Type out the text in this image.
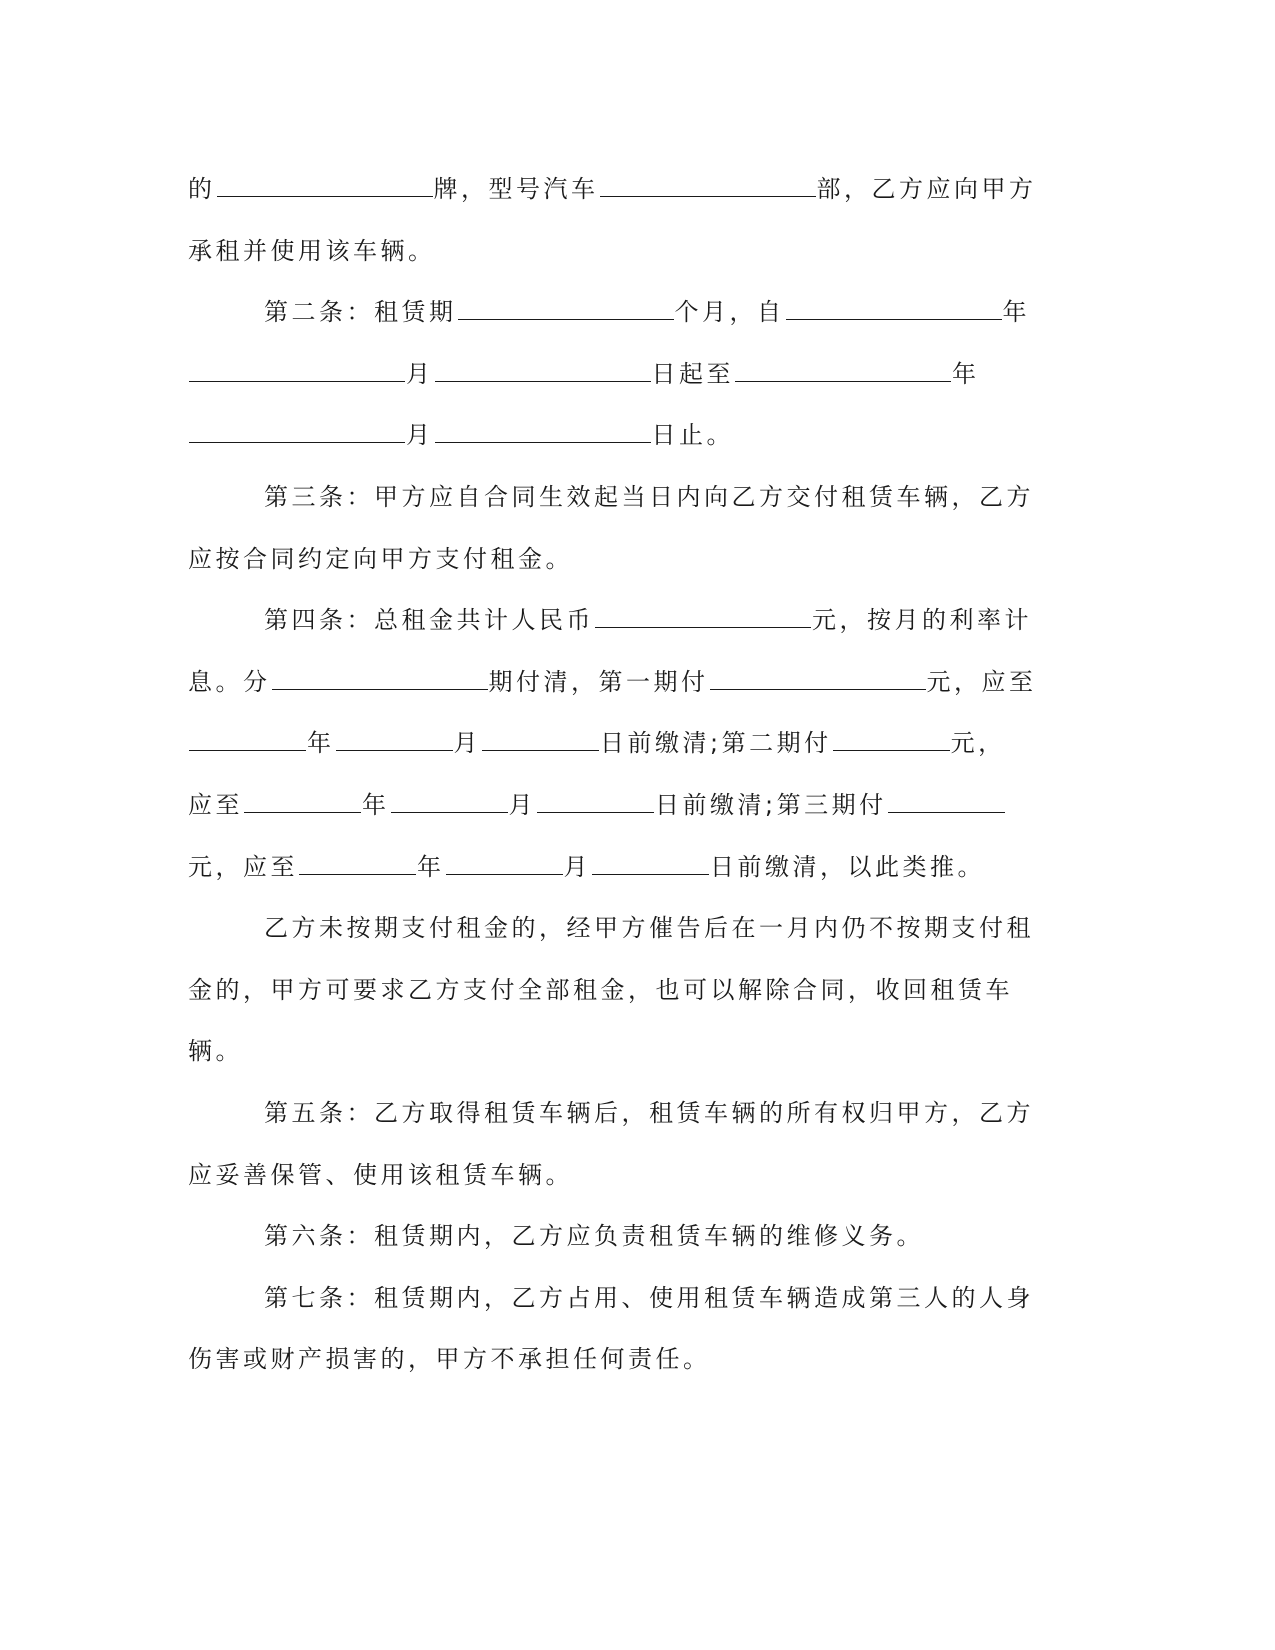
的	牌，型号汽车	部，乙方应向甲方
承租并使用该车辆。
第二条：租赁期	个月，自	年
月	日起至	年
月	日止。
第三条：甲方应自合同生效起当日内向乙方交付租赁车辆，乙方
应按合同约定向甲方支付租金。
第四条：总租金共计人民币	元，按月的利率计
息。分	期付清，第一期付	元，应至
年	月	日前缴清;第二期付	元，
应至	年	月	日前缴清;第三期付
元，应至	年	月	日前缴清，以此类推。
乙方未按期支付租金的，经甲方催告后在一月内仍不按期支付租
金的，甲方可要求乙方支付全部租金，也可以解除合同，收回租赁车
辆。
第五条：乙方取得租赁车辆后，租赁车辆的所有权归甲方，乙方
应妥善保管、使用该租赁车辆。
第六条：租赁期内，乙方应负责租赁车辆的维修义务。
第七条：租赁期内，乙方占用、使用租赁车辆造成第三人的人身
伤害或财产损害的，甲方不承担任何责任。
